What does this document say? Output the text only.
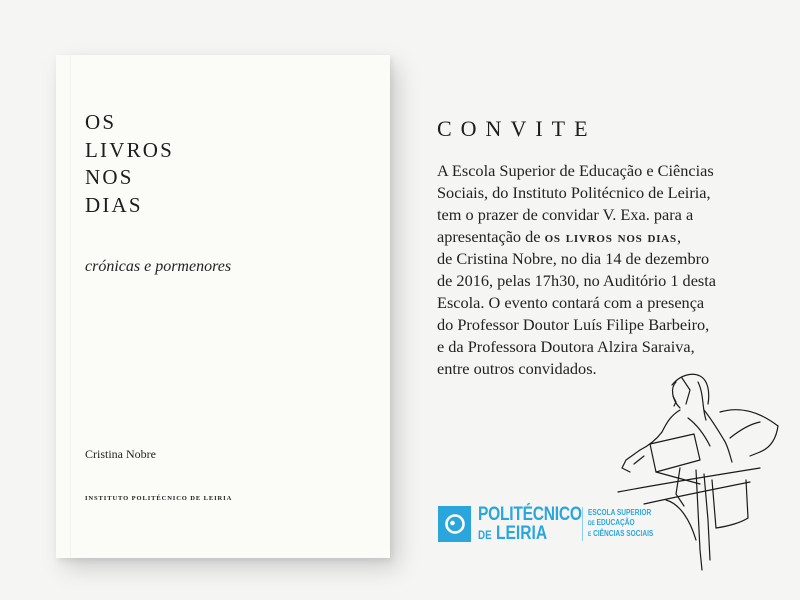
OS
LIVROS
NOS
DIAS
crónicas e pormenores
Cristina Nobre
INSTITUTO POLITÉCNICO DE LEIRIA
CONVITE
A Escola Superior de Educação e Ciências
Sociais, do Instituto Politécnico de Leiria,
tem o prazer de convidar V. Exa. para a
apresentação de os livros nos dias,
de Cristina Nobre, no dia 14 de dezembro
de 2016, pelas 17h30, no Auditório 1 desta
Escola. O evento contará com a presença
do Professor Doutor Luís Filipe Barbeiro,
e da Professora Doutora Alzira Saraiva,
entre outros convidados.
POLITÉCNICO
DE LEIRIA
ESCOLA SUPERIOR
DE EDUCAÇÃO
E CIÊNCIAS SOCIAIS
